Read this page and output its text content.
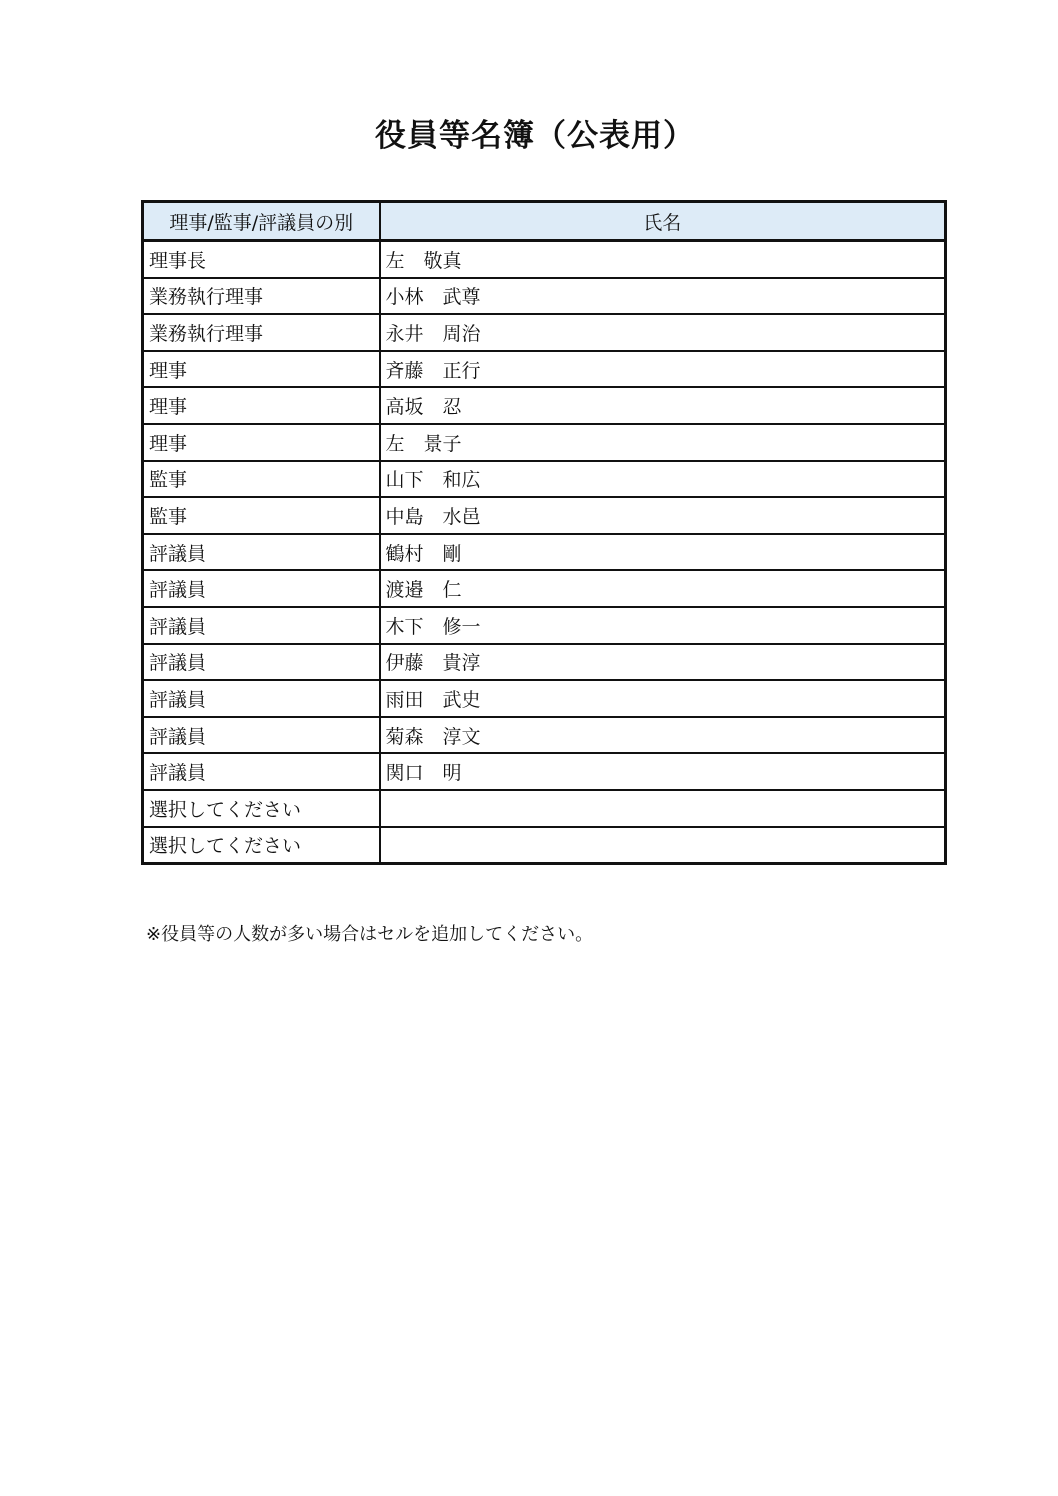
役員等名簿（公表用）
理事/監事/評議員の別	氏名
理事長	左　敬真
業務執行理事	小林　武尊
業務執行理事	永井　周治
理事	斉藤　正行
理事	高坂　忍
理事	左　景子
監事	山下　和広
監事	中島　水邑
評議員	鶴村　剛
評議員	渡邉　仁
評議員	木下　修一
評議員	伊藤　貴淳
評議員	雨田　武史
評議員	菊森　淳文
評議員	関口　明
選択してください	
選択してください	

※役員等の人数が多い場合はセルを追加してください。
